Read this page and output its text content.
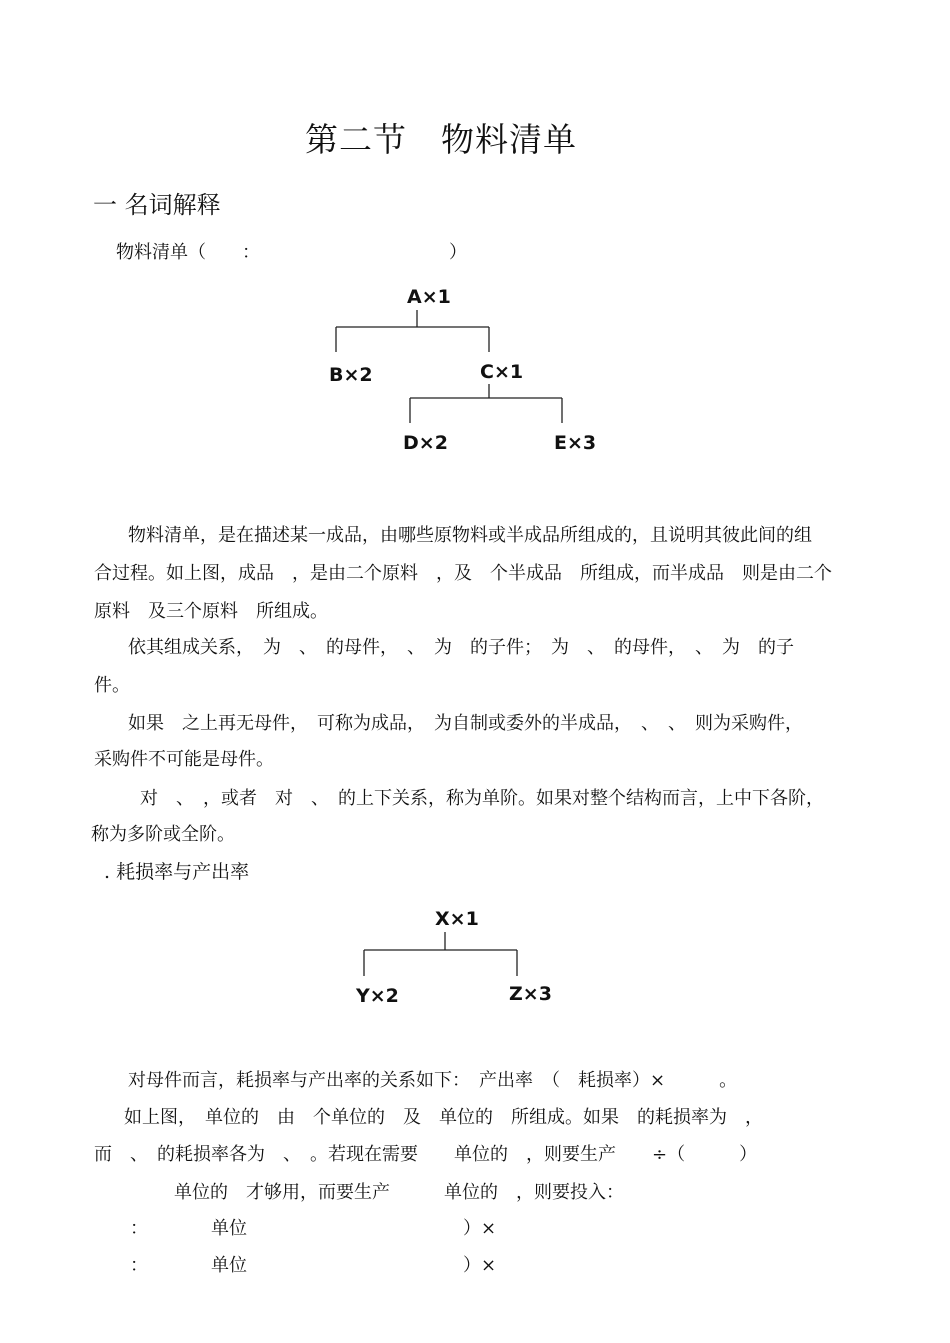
第二节　物料清单
一 名词解释
物料清单（　　：　　　　　　　　　　　）
A×1
B×2	C×1
D×2	E×3
物料清单，是在描述某一成品，由哪些原物料或半成品所组成的，且说明其彼此间的组
合过程。如上图，成品　，是由二个原料　，及　个半成品　所组成，而半成品　则是由二个
原料　及三个原料　所组成。
依其组成关系，　为　、　的母件，　、　为　的子件；　为　、　的母件，　、　为　的子
件。
如果　之上再无母件，　可称为成品，　为自制或委外的半成品，　、　、　则为采购件，
采购件不可能是母件。
对　、　，或者　对　、　的上下关系，称为单阶。如果对整个结构而言，上中下各阶，
称为多阶或全阶。
. 耗损率与产出率
X×1
Y×2	Z×3
对母件而言，耗损率与产出率的关系如下：　产出率　（　耗损率）×　　　。
如上图，　单位的　由　个单位的　及　单位的　所组成。如果　的耗损率为　，
而　、　的耗损率各为　、　。若现在需要　　单位的　，则要生产　　÷（　　　）
单位的　才够用，而要生产　　　单位的　，则要投入：
：　　　　单位　　　　　　　　　　　　）×
：　　　　单位　　　　　　　　　　　　）×
